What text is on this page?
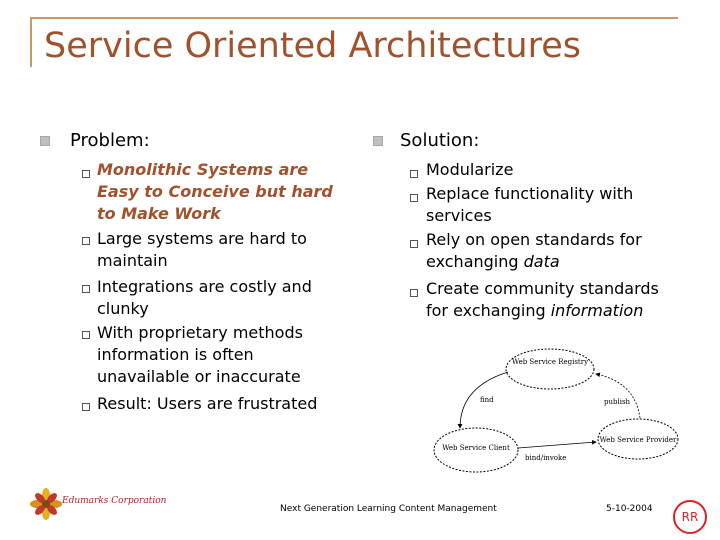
Service Oriented Architectures
Problem:
Monolithic Systems are Easy to Conceive but hard to Make Work
Large systems are hard to maintain
Integrations are costly and clunky
With proprietary methods information is often unavailable or inaccurate
Result: Users are frustrated
Solution:
Modularize
Replace functionality with services
Rely on open standards for exchanging data
Create community standards for exchanging information
Web Service Registry
Web Service Client
Web Service Provider
find	publish
bind/invoke
Edumarks Corporation
Next Generation Learning Content Management	5-10-2004
RR
